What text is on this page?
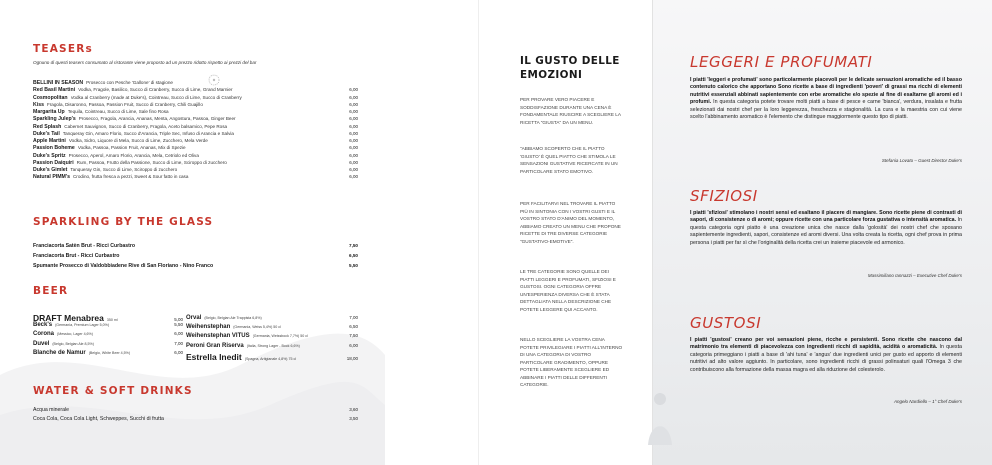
TEASERs
Ognuno di questi teasers consumato al ristorante viene proposto ad un prezzo ridotto rispetto ai prezzi del bar
BELLINI IN SEASON Prosecco con Pesche 'Gallone' di stagione
Red Basil Martini Vodka, Fragole, Basilico, Succo di Cranberry, Succo di Lime, Grand Marnier	6,00
Cosmopolitan Vodka al Cranberry (made at Duke's), Cointreau, Succo di Lime, Succo di Cranberry	6,00
Kiss Fragola, Disaronno, Passoa, Passion Fruit, Succo di Cranberry, Chili Guajillo	6,00
Margarita Up Tequila, Cointreau, Succo di Lime, Sale fino Rosa	6,00
Sparkling Julep's Prosecco, Fragola, Arancia, Ananas, Menta, Angostura, Passoa, Ginger Beer	6,00
Red Splash Cabernet Sauvignon, Succo di Cranberry, Fragola, Aceto balsamico, Pepe Rosa	6,00
Duke's Tail Tanqueray Gin, Amaro Florio, Succo d'Arancia, Triple Sec, Infuso di Arancia e Salvia	6,00
Apple Martini Vodka, Sidro, Liquore di Mela, Succo di Lime, Zucchero, Mela Verde	6,00
Passion Boheme Vodka, Passoa, Passion Fruit, Ananas, Mix di Spezie	6,00
Duke's Spritz Prosecco, Aperol, Amaro Florio, Arancia, Mela, Cetriolo ed Oliva	6,00
Passion Daiquiri Rum, Passoa, Frutto della Passione, Succo di Lime, Sciroppo di zucchero	6,00
Duke's Gimlet Tanqueray Gin, Succo di Lime, Sciroppo di zucchero	6,00
Natural PIMM's Crodino, frutta fresca a pezzi, Sweet & Sour fatto in casa	6,00
SPARKLING BY THE GLASS
Franciacorta Satèn Brut - Ricci Curbastro	7,50
Franciacorta Brut - Ricci Curbastro	6,50
Spumante Prosecco di Valdobbiadene Rive di San Floriano - Nino Franco	5,50
BEER
DRAFT Menabrea 350 ml	5,00
Beck's (Germania, Premium Lager 5,0%)	5,50
Corona (Messico, Lager 4,6%)	6,00
Duvel (Belgio, Belgian Ale 8,5%)	7,00
Blanche de Namur (Belgio, White Beer 4,5%)	6,00
Orval (Belgio, Belgian Ale Trappista 6,8%)	7,00
Weihenstephan (Germania, Weiss 5,4%) 50 cl	6,50
Weihenstephan VITUS (Germania, Weissbock 7,7%) 50 cl	7,50
Peroni Gran Riserva (Italia, Strong Lager - Bock 6,6%)	6,00
Estrella Inedit (Spagna, Artigianale 4,8%) 75 cl	18,00
WATER & SOFT DRINKS
Acqua minerale	3,60
Coca Cola, Coca Cola Light, Schweppes, Succhi di frutta	3,50
IL GUSTO DELLE EMOZIONI
PER PROVARE VERO PIACERE E SODDISFAZIONE DURANTE UNA CENA È FONDAMENTALE RIUSCIRE A SCEGLIERE LA RICETTA "GIUSTA" DA UN MENU.
"ABBIAMO SCOPERTO CHE IL PIATTO 'GIUSTO' È QUEL PIATTO CHE STIMOLA LE SENSAZIONI GUSTATIVE RICERCATE IN UN PARTICOLARE STATO EMOTIVO.
PER FACILITARVI NEL TROVARE IL PIATTO PIÙ IN SINTONIA CON I VOSTRI GUSTI E IL VOSTRO STATO D'ANIMO DEL MOMENTO, ABBIAMO CREATO UN MENU CHE PROPONE RICETTE DI TRE DIVERSE CATEGORIE "GUSTATIVO-EMOTIVE".
LE TRE CATEGORIE SONO QUELLE DEI PIATTI LEGGERI E PROFUMATI, SFIZIOSI E GUSTOSI. OGNI CATEGORIA OFFRE UN'ESPERIENZA DIVERSA CHE È STATA DETTAGLIATA NELLA DESCRIZIONE CHE POTETE LEGGERE QUI ACCANTO.
NELLO SCEGLIERE LA VOSTRA CENA POTETE PRIVILEGIARE I PIATTI ALL'INTERNO DI UNA CATEGORIA DI VOSTRO PARTICOLARE GRADIMENTO, OPPURE POTETE LIBERAMENTE SCEGLIERE ED ABBINARE I PIATTI DELLE DIFFERENTI CATEGORIE.
LEGGERI E PROFUMATI
I piatti 'leggeri e profumati' sono particolarmente piacevoli per le delicate sensazioni aromatiche ed il basso contenuto calorico che apportano Sono ricette a base di ingredienti 'poveri' di grassi ma ricchi di elementi nutritivi essenziali abbinati sapientemente con erbe aromatiche e/o spezie al fine di esaltarne gli aromi ed i profumi. In questa categoria potete trovare molti piatti a base di pesce e carne 'bianca', verdura, insalata e frutta selezionati dai nostri chef per la loro leggerezza, freschezza e stagionalità. La cura e la maestria con cui viene scelto l'abbinamento aromatico è l'elemento che distingue maggiormente questo tipo di piatti.
Stefania Lovato – Guest Director Duke's
SFIZIOSI
I piatti 'sfiziosi' stimolano i nostri sensi ed esaltano il piacere di mangiare. Sono ricette piene di contrasti di sapori, di consistenze o di aromi; oppure ricette con una particolare forza gustativa o intensità aromatica. In questa categoria ogni piatto è una creazione unica che nasce dalla 'golosità' dei nostri chef che sposano sapientemente ingredienti, sapori, consistenze ed aromi diversi. Una volta creata la ricetta, ogni chef prova in prima persona i piatti per far sì che l'originalità della ricetta crei un insieme piacevole ed armonico.
Massimiliano Iannazzi – Executive Chef Duke's
GUSTOSI
I piatti 'gustosi' creano per voi sensazioni piene, ricche e persistenti. Sono ricette che nascono dal matrimonio tra elementi di piacevolezza con ingredienti ricchi di sapidità, acidità o aromaticità. In questa categoria primeggiano i piatti a base di 'ahi tuna' e 'angus' due ingredienti unici per gusto ed apporto di elementi nutritivi ad alto valore aggiunto. In particolare, sono ingredienti ricchi di grassi polinsaturi quali l'Omega 3 che contribuiscono alla formazione della massa magra ed alla riduzione del colesterolo.
Angelo Nardiello – 1° Chef Duke's
